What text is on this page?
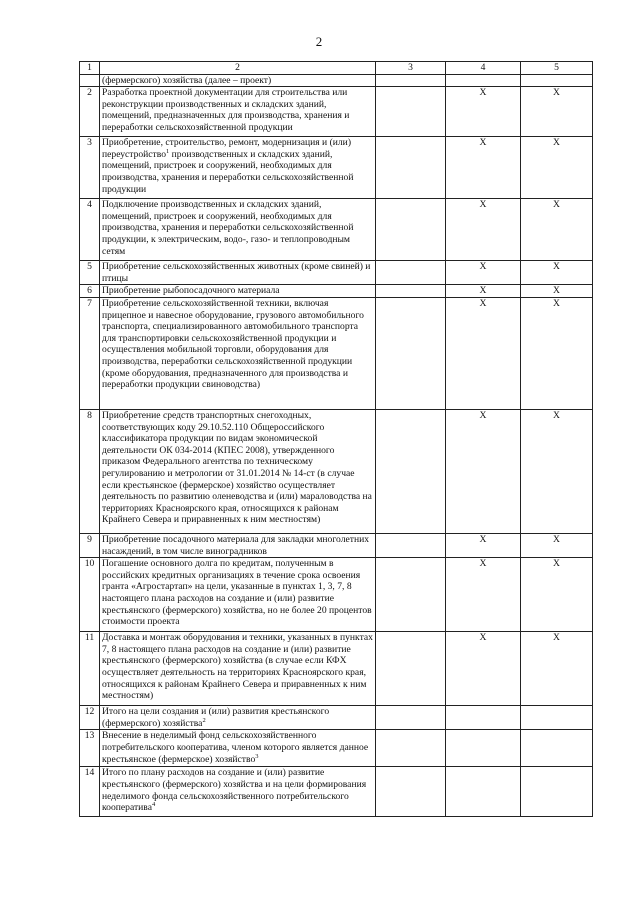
2
1	2	3	4	5
	(фермерского) хозяйства (далее – проект)			
2	Разработка проектной документации для строительства или реконструкции производственных и складских зданий, помещений, предназначенных для производства, хранения и переработки сельскохозяйственной продукции		X	X
3	Приобретение, строительство, ремонт, модернизация и (или) переустройство$^1$ производственных и складских зданий, помещений, пристроек и сооружений, необходимых для производства, хранения и переработки сельскохозяйственной продукции		X	X
4	Подключение производственных и складских зданий, помещений, пристроек и сооружений, необходимых для производства, хранения и переработки сельскохозяйственной продукции, к электрическим, водо-, газо- и теплопроводным сетям		X	X
5	Приобретение сельскохозяйственных животных (кроме свиней) и птицы		X	X
6	Приобретение рыбопосадочного материала		X	X
7	Приобретение сельскохозяйственной техники, включая прицепное и навесное оборудование, грузового автомобильного транспорта, специализированного автомобильного транспорта для транспортировки сельскохозяйственной продукции и осуществления мобильной торговли, оборудования для производства, переработки сельскохозяйственной продукции (кроме оборудования, предназначенного для производства и переработки продукции свиноводства)		X	X
8	Приобретение средств транспортных снегоходных, соответствующих коду 29.10.52.110 Общероссийского классификатора продукции по видам экономической деятельности ОК 034-2014 (КПЕС 2008), утвержденного приказом Федерального агентства по техническому регулированию и метрологии от 31.01.2014 № 14-ст (в случае если крестьянское (фермерское) хозяйство осуществляет деятельность по развитию оленеводства и (или) мараловодства на территориях Красноярского края, относящихся к районам Крайнего Севера и приравненных к ним местностям)		X	X
9	Приобретение посадочного материала для закладки многолетних насаждений, в том числе виноградников		X	X
10	Погашение основного долга по кредитам, полученным в российских кредитных организациях в течение срока освоения гранта «Агростартап» на цели, указанные в пунктах 1, 3, 7, 8 настоящего плана расходов на создание и (или) развитие крестьянского (фермерского) хозяйства, но не более 20 процентов стоимости проекта		X	X
11	Доставка и монтаж оборудования и техники, указанных в пунктах 7, 8 настоящего плана расходов на создание и (или) развитие крестьянского (фермерского) хозяйства (в случае если КФХ осуществляет деятельность на территориях Красноярского края, относящихся к районам Крайнего Севера и приравненных к ним местностям)		X	X
12	Итого на цели создания и (или) развития крестьянского (фермерского) хозяйства$^2$			
13	Внесение в неделимый фонд сельскохозяйственного потребительского кооператива, членом которого является данное крестьянское (фермерское) хозяйство$^3$			
14	Итого по плану расходов на создание и (или) развитие крестьянского (фермерского) хозяйства и на цели формирования неделимого фонда сельскохозяйственного потребительского кооператива$^4$			
